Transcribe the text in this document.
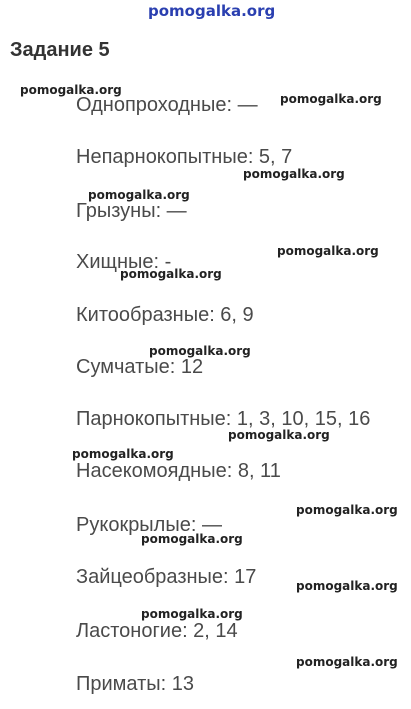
pomogalka.org
Задание 5
Однопроходные: —
Непарнокопытные: 5, 7
Грызуны: —
Хищные: -
Китообразные: 6, 9
Сумчатые: 12
Парнокопытные: 1, 3, 10, 15, 16
Насекомоядные: 8, 11
Рукокрылые: —
Зайцеобразные: 17
Ластоногие: 2, 14
Приматы: 13
pomogalka.org
pomogalka.org
pomogalka.org
pomogalka.org
pomogalka.org
pomogalka.org
pomogalka.org
pomogalka.org
pomogalka.org
pomogalka.org
pomogalka.org
pomogalka.org
pomogalka.org
pomogalka.org
